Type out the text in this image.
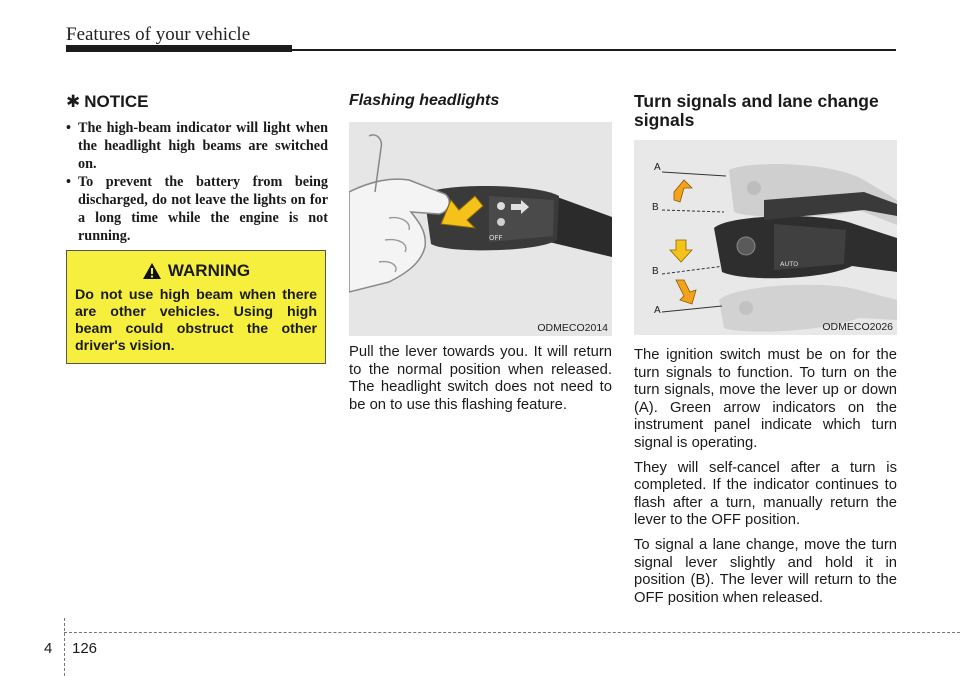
Features of your vehicle
✱ NOTICE
• The high-beam indicator will light when the headlight high beams are switched on.
• To prevent the battery from being discharged, do not leave the lights on for a long time while the engine is not running.
WARNING
Do not use high beam when there are other vehicles. Using high beam could obstruct the other driver's vision.
Flashing headlights
OFF
ODMECO2014

Pull the lever towards you. It will return to the normal position when released. The headlight switch does not need to be on to use this flashing feature.

Turn signals and lane change signals
AUTO
A
B
B
A
ODMECO2026

The ignition switch must be on for the turn signals to function. To turn on the turn signals, move the lever up or down (A). Green arrow indicators on the instrument panel indicate which turn signal is operating.

They will self-cancel after a turn is completed. If the indicator continues to flash after a turn, manually return the lever to the OFF position.

To signal a lane change, move the turn signal lever slightly and hold it in position (B). The lever will return to the OFF position when released.

4 126
